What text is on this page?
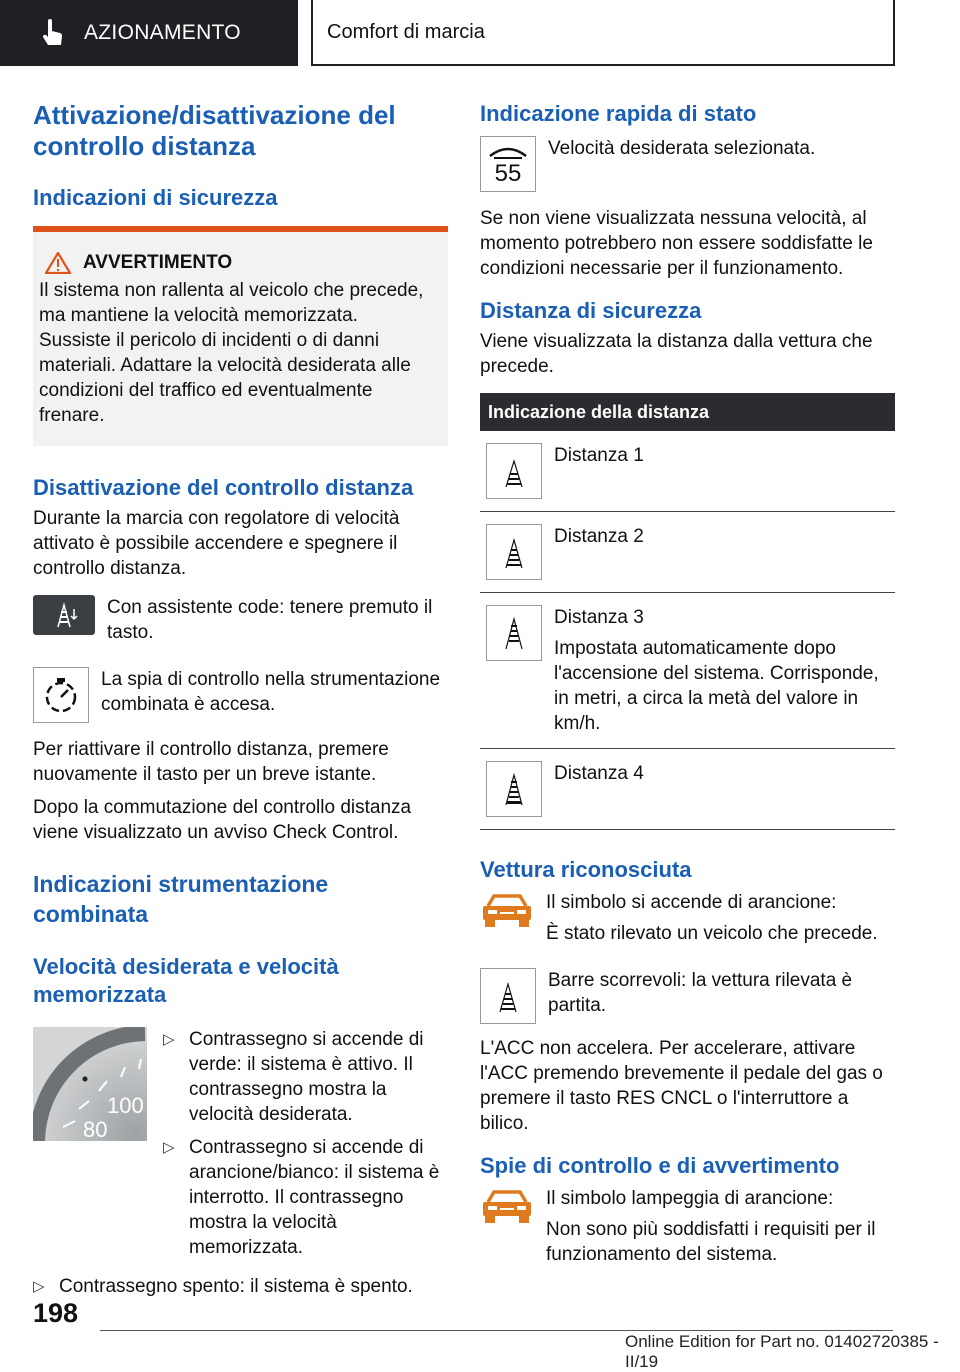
AZIONAMENTO	Comfort di marcia
Attivazione/disattivazione del controllo distanza
Indicazioni di sicurezza
AVVERTIMENTO

Il sistema non rallenta al veicolo che precede, ma mantiene la velocità memorizzata. Sussiste il pericolo di incidenti o di danni materiali. Adattare la velocità desiderata alle condizioni del traffico ed eventualmente frenare.

Disattivazione del controllo distanza

Durante la marcia con regolatore di velocità attivato è possibile accendere e spegnere il controllo distanza.

Con assistente code: tenere premuto il tasto.

La spia di controllo nella strumentazione combinata è accesa.

Per riattivare il controllo distanza, premere nuovamente il tasto per un breve istante.

Dopo la commutazione del controllo distanza viene visualizzato un avviso Check Control.

Indicazioni strumentazione combinata
Velocità desiderata e velocità memorizzata
100
80
▷ Contrassegno si accende di verde: il sistema è attivo. Il contrassegno mostra la velocità desiderata.
▷ Contrassegno si accende di arancione/bianco: il sistema è interrotto. Il contrassegno mostra la velocità memorizzata.
▷ Contrassegno spento: il sistema è spento.
Indicazione rapida di stato
55

Velocità desiderata selezionata.

Se non viene visualizzata nessuna velocità, al momento potrebbero non essere soddisfatte le condizioni necessarie per il funzionamento.

Distanza di sicurezza

Viene visualizzata la distanza dalla vettura che precede.

Indicazione della distanza

Distanza 1

Distanza 2

Distanza 3

Impostata automaticamente dopo l'accensione del sistema. Corrisponde, in metri, a circa la metà del valore in km/h.

Distanza 4

Vettura riconosciuta

Il simbolo si accende di arancione:

È stato rilevato un veicolo che precede.

Barre scorrevoli: la vettura rilevata è partita.

L'ACC non accelera. Per accelerare, attivare l'ACC premendo brevemente il pedale del gas o premere il tasto RES CNCL o l'interruttore a bilico.

Spie di controllo e di avvertimento

Il simbolo lampeggia di arancione:

Non sono più soddisfatti i requisiti per il funzionamento del sistema.

198
Online Edition for Part no. 01402720385 - II/19
